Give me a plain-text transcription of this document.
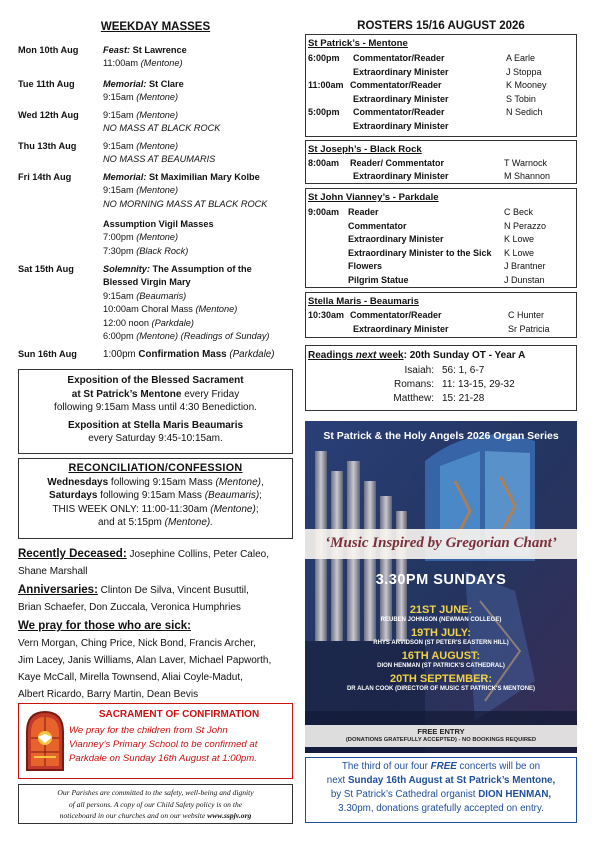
WEEKDAY MASSES
Mon 10th Aug	Feast: St Lawrence
11:00am (Mentone)
Tue 11th Aug	Memorial: St Clare
9:15am (Mentone)
Wed 12th Aug	9:15am (Mentone)
NO MASS AT BLACK ROCK
Thu 13th Aug	9:15am (Mentone)
NO MASS AT BEAUMARIS
Fri 14th Aug	Memorial: St Maximilian Mary Kolbe
9:15am (Mentone)
NO MORNING MASS AT BLACK ROCK
Assumption Vigil Masses
7:00pm (Mentone)
7:30pm (Black Rock)
Sat 15th Aug	Solemnity: The Assumption of the
Blessed Virgin Mary
9:15am (Beaumaris)
10:00am Choral Mass (Mentone)
12:00 noon (Parkdale)
6:00pm (Mentone) (Readings of Sunday)
Sun 16th Aug	1:00pm Confirmation Mass (Parkdale)
Exposition of the Blessed Sacrament
at St Patrick’s Mentone every Friday
following 9:15am Mass until 4:30 Benediction.
Exposition at Stella Maris Beaumaris
every Saturday 9:45-10:15am.
RECONCILIATION/CONFESSION
Wednesdays following 9:15am Mass (Mentone),
Saturdays following 9:15am Mass (Beaumaris);
THIS WEEK ONLY: 11:00-11:30am (Mentone);
and at 5:15pm (Mentone).
Recently Deceased: Josephine Collins, Peter Caleo,
Shane Marshall
Anniversaries: Clinton De Silva, Vincent Busuttil,
Brian Schaefer, Don Zuccala, Veronica Humphries
We pray for those who are sick:
Vern Morgan, Ching Price, Nick Bond, Francis Archer,
Jim Lacey, Janis Williams, Alan Laver, Michael Papworth,
Kaye McCall, Mirella Townsend, Aliai Coyle-Madut,
Albert Ricardo, Barry Martin, Dean Bevis
SACRAMENT OF CONFIRMATION
We pray for the children from St John
Vianney’s Primary School to be confirmed at
Parkdale on Sunday 16th August at 1:00pm.
Our Parishes are committed to the safety, well-being and dignity
of all persons. A copy of our Child Safety policy is on the
noticeboard in our churches and on our website www.sspjv.org
ROSTERS 15/16 AUGUST 2026
St Patrick’s - Mentone
6:00pm Commentator/Reader	A Earle
Extraordinary Minister	J Stoppa
11:00am Commentator/Reader	K Mooney
Extraordinary Minister	S Tobin
5:00pm Commentator/Reader	N Sedich
Extraordinary Minister
St Joseph’s - Black Rock
8:00am Reader/ Commentator	T Warnock
Extraordinary Minister	M Shannon
St John Vianney’s - Parkdale
9:00am Reader	C Beck
Commentator	N Perazzo
Extraordinary Minister	K Lowe
Extraordinary Minister to the Sick K Lowe
Flowers	J Brantner
Pilgrim Statue	J Dunstan
Stella Maris - Beaumaris
10:30am Commentator/Reader	C Hunter
Extraordinary Minister	Sr Patricia
Readings next week: 20th Sunday OT - Year A
Isaiah: 56: 1, 6-7
Romans: 11: 13-15, 29-32
Matthew: 15: 21-28
St Patrick & the Holy Angels 2026 Organ Series
‘Music Inspired by Gregorian Chant’
3.30PM SUNDAYS
21ST JUNE:
REUBEN JOHNSON (NEWMAN COLLEGE)
19TH JULY:
RHYS ARVIDSON (ST PETER'S EASTERN HILL)
16TH AUGUST:
DION HENMAN (ST PATRICK'S CATHEDRAL)
20TH SEPTEMBER:
DR ALAN COOK (DIRECTOR OF MUSIC ST PATRICK'S MENTONE)
FREE ENTRY
(DONATIONS GRATEFULLY ACCEPTED) - NO BOOKINGS REQUIRED
The third of our four FREE concerts will be on
next Sunday 16th August at St Patrick’s Mentone,
by St Patrick’s Cathedral organist DION HENMAN,
3.30pm, donations gratefully accepted on entry.
